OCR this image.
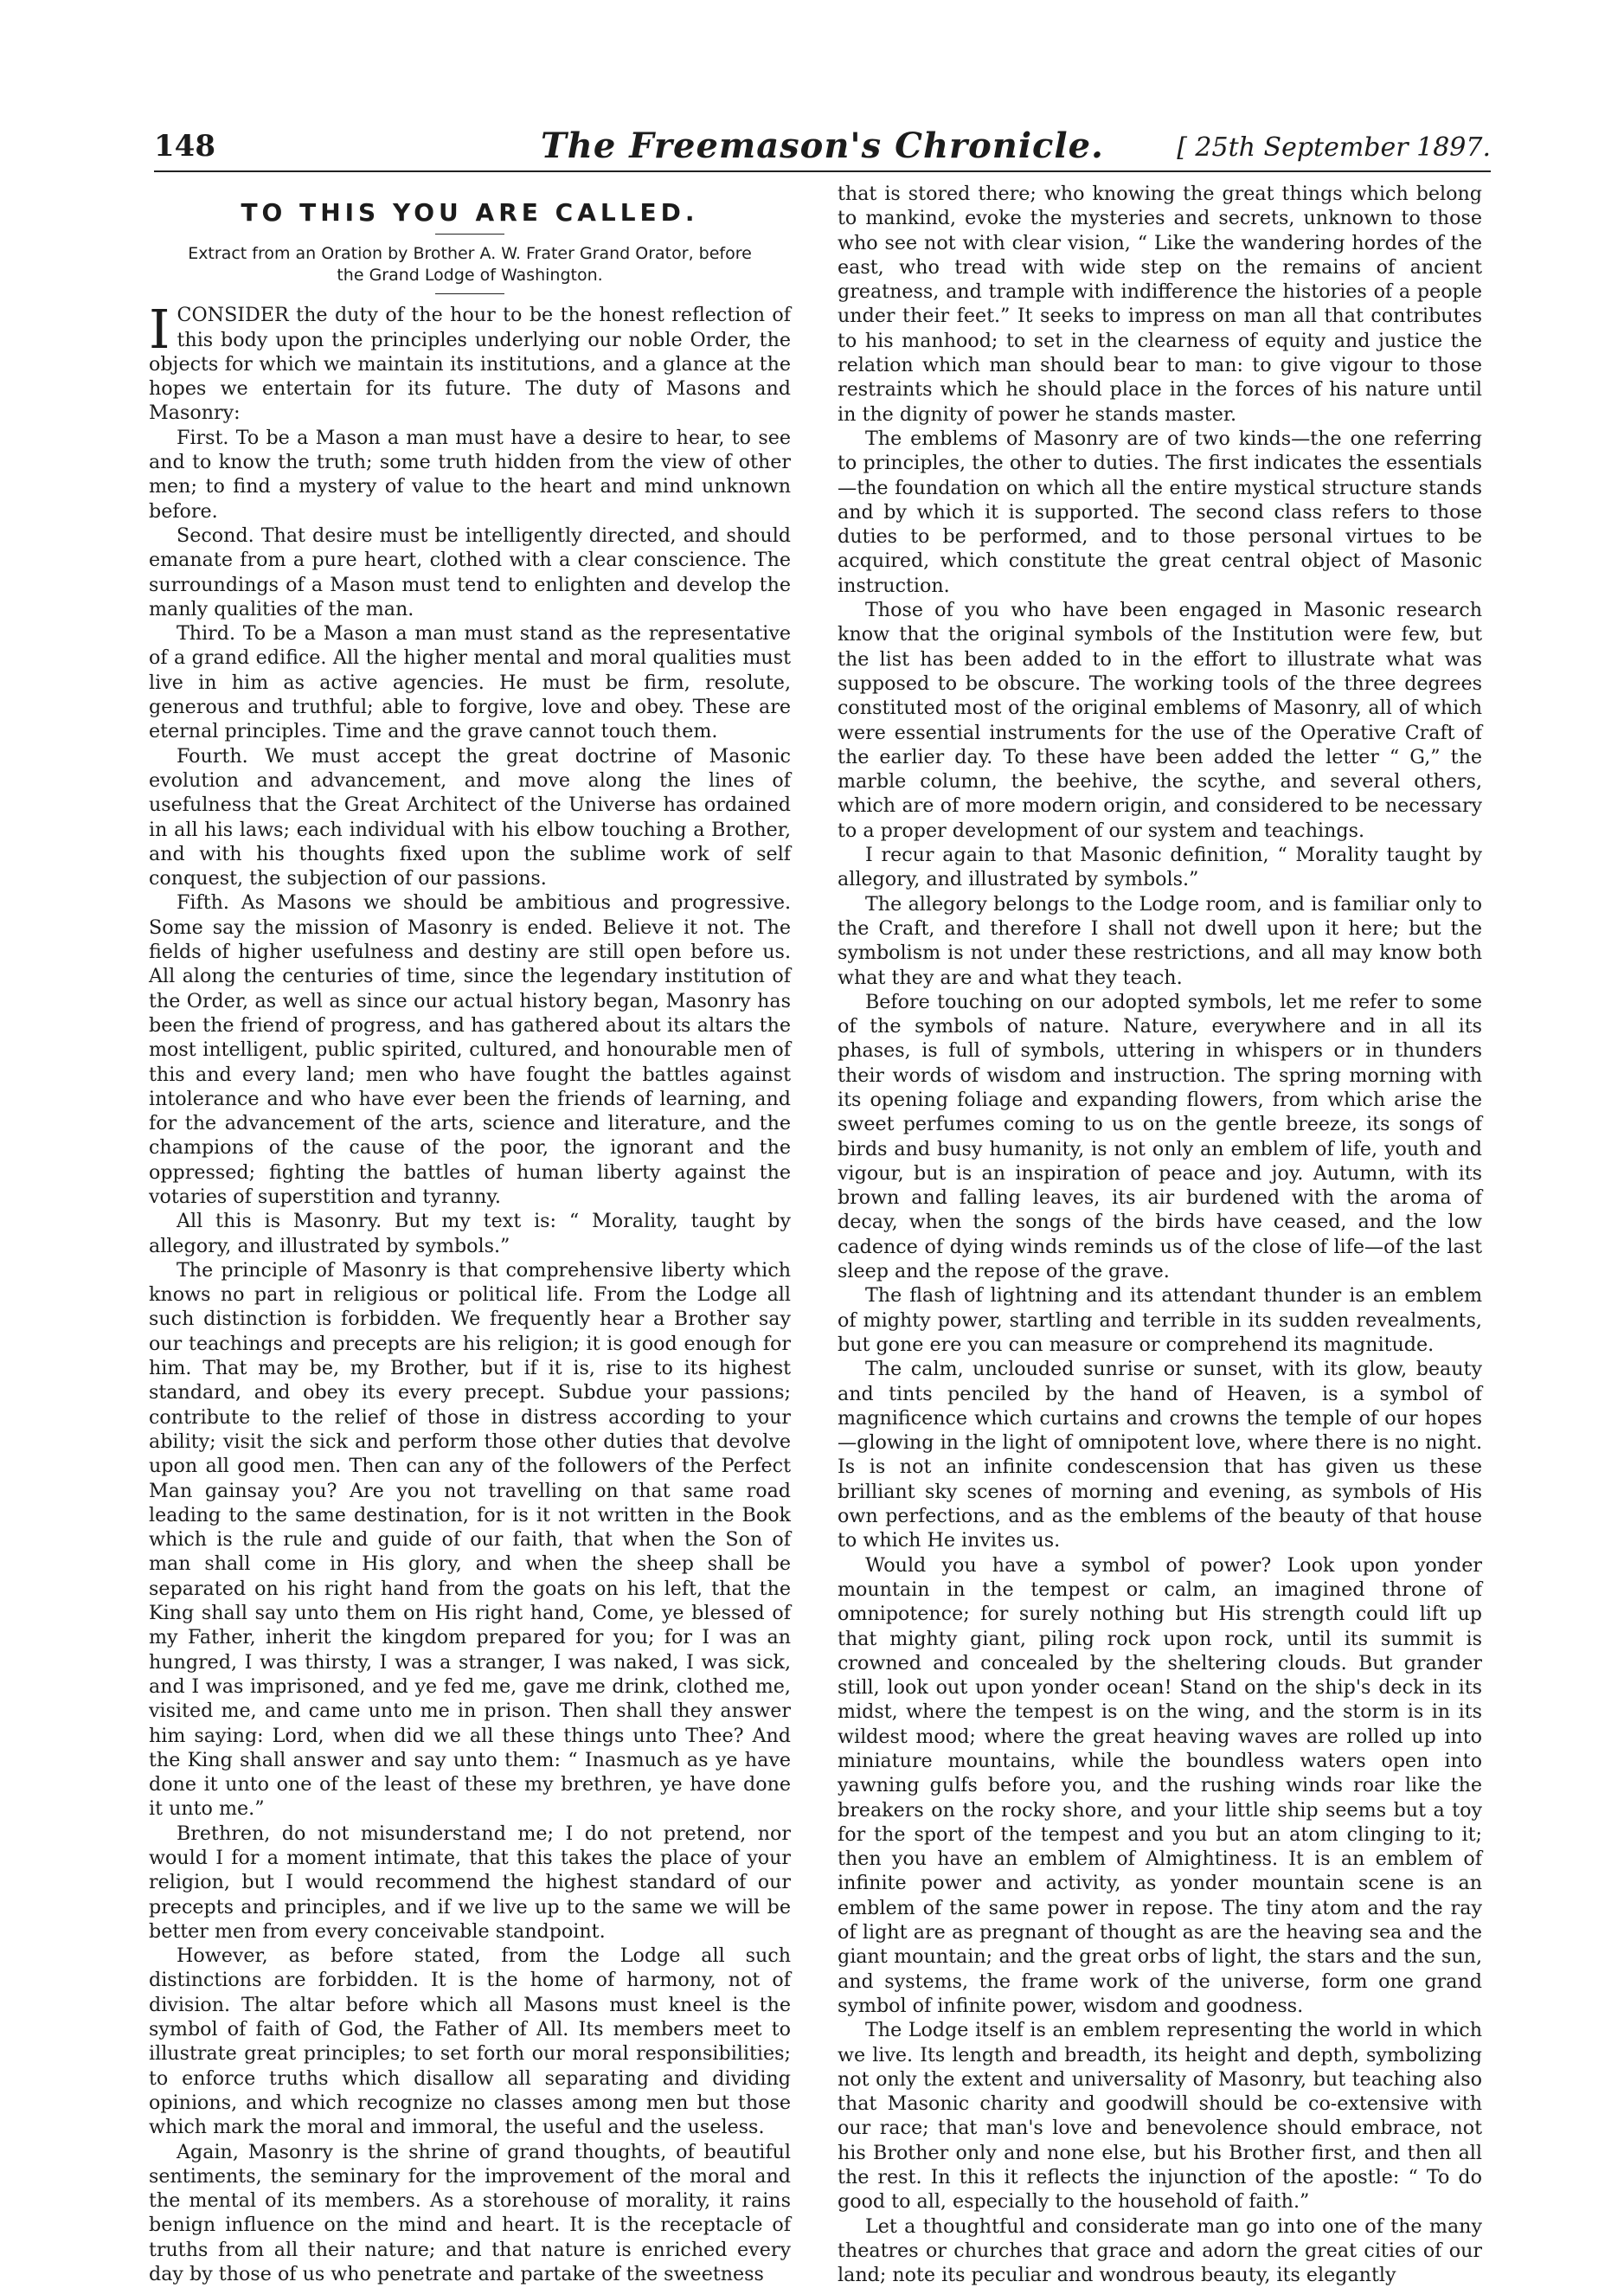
148	The Freemason's Chronicle.	[ 25th September 1897.
TO THIS YOU ARE CALLED.
Extract from an Oration by Brother A. W. Frater Grand Orator, before the Grand Lodge of Washington.

ICONSIDER the duty of the hour to be the honest reflection of this body upon the principles underlying our noble Order, the objects for which we maintain its institutions, and a glance at the hopes we entertain for its future. The duty of Masons and Masonry:

First. To be a Mason a man must have a desire to hear, to see and to know the truth; some truth hidden from the view of other men; to find a mystery of value to the heart and mind unknown before.

Second. That desire must be intelligently directed, and should emanate from a pure heart, clothed with a clear conscience. The surroundings of a Mason must tend to enlighten and develop the manly qualities of the man.

Third. To be a Mason a man must stand as the representative of a grand edifice. All the higher mental and moral qualities must live in him as active agencies. He must be firm, resolute, generous and truthful; able to forgive, love and obey. These are eternal principles. Time and the grave cannot touch them.

Fourth. We must accept the great doctrine of Masonic evolution and advancement, and move along the lines of usefulness that the Great Architect of the Universe has ordained in all his laws; each individual with his elbow touching a Brother, and with his thoughts fixed upon the sublime work of self conquest, the subjection of our passions.

Fifth. As Masons we should be ambitious and progressive. Some say the mission of Masonry is ended. Believe it not. The fields of higher usefulness and destiny are still open before us. All along the centuries of time, since the legendary institution of the Order, as well as since our actual history began, Masonry has been the friend of progress, and has gathered about its altars the most intelligent, public spirited, cultured, and honourable men of this and every land; men who have fought the battles against intolerance and who have ever been the friends of learning, and for the advancement of the arts, science and literature, and the champions of the cause of the poor, the ignorant and the oppressed; fighting the battles of human liberty against the votaries of superstition and tyranny.

All this is Masonry. But my text is: “ Morality, taught by allegory, and illustrated by symbols.”

The principle of Masonry is that comprehensive liberty which knows no part in religious or political life. From the Lodge all such distinction is forbidden. We frequently hear a Brother say our teachings and precepts are his religion; it is good enough for him. That may be, my Brother, but if it is, rise to its highest standard, and obey its every precept. Subdue your passions; contribute to the relief of those in distress according to your ability; visit the sick and perform those other duties that devolve upon all good men. Then can any of the followers of the Perfect Man gainsay you? Are you not travelling on that same road leading to the same destination, for is it not written in the Book which is the rule and guide of our faith, that when the Son of man shall come in His glory, and when the sheep shall be separated on his right hand from the goats on his left, that the King shall say unto them on His right hand, Come, ye blessed of my Father, inherit the kingdom prepared for you; for I was an hungred, I was thirsty, I was a stranger, I was naked, I was sick, and I was imprisoned, and ye fed me, gave me drink, clothed me, visited me, and came unto me in prison. Then shall they answer him saying: Lord, when did we all these things unto Thee? And the King shall answer and say unto them: “ Inasmuch as ye have done it unto one of the least of these my brethren, ye have done it unto me.”

Brethren, do not misunderstand me; I do not pretend, nor would I for a moment intimate, that this takes the place of your religion, but I would recommend the highest standard of our precepts and principles, and if we live up to the same we will be better men from every conceivable standpoint.

However, as before stated, from the Lodge all such distinctions are forbidden. It is the home of harmony, not of division. The altar before which all Masons must kneel is the symbol of faith of God, the Father of All. Its members meet to illustrate great principles; to set forth our moral responsibilities; to enforce truths which disallow all separating and dividing opinions, and which recognize no classes among men but those which mark the moral and immoral, the useful and the useless.

Again, Masonry is the shrine of grand thoughts, of beautiful sentiments, the seminary for the improvement of the moral and the mental of its members. As a storehouse of morality, it rains benign influence on the mind and heart. It is the receptacle of truths from all their nature; and that nature is enriched every day by those of us who penetrate and partake of the sweetness

that is stored there; who knowing the great things which belong to mankind, evoke the mysteries and secrets, unknown to those who see not with clear vision, “ Like the wandering hordes of the east, who tread with wide step on the remains of ancient greatness, and trample with indifference the histories of a people under their feet.” It seeks to impress on man all that contributes to his manhood; to set in the clearness of equity and justice the relation which man should bear to man: to give vigour to those restraints which he should place in the forces of his nature until in the dignity of power he stands master.

The emblems of Masonry are of two kinds—the one referring to principles, the other to duties. The first indicates the essentials—the foundation on which all the entire mystical structure stands and by which it is supported. The second class refers to those duties to be performed, and to those personal virtues to be acquired, which constitute the great central object of Masonic instruction.

Those of you who have been engaged in Masonic research know that the original symbols of the Institution were few, but the list has been added to in the effort to illustrate what was supposed to be obscure. The working tools of the three degrees constituted most of the original emblems of Masonry, all of which were essential instruments for the use of the Operative Craft of the earlier day. To these have been added the letter “ G,” the marble column, the beehive, the scythe, and several others, which are of more modern origin, and considered to be necessary to a proper development of our system and teachings.

I recur again to that Masonic definition, “ Morality taught by allegory, and illustrated by symbols.”

The allegory belongs to the Lodge room, and is familiar only to the Craft, and therefore I shall not dwell upon it here; but the symbolism is not under these restrictions, and all may know both what they are and what they teach.

Before touching on our adopted symbols, let me refer to some of the symbols of nature. Nature, everywhere and in all its phases, is full of symbols, uttering in whispers or in thunders their words of wisdom and instruction. The spring morning with its opening foliage and expanding flowers, from which arise the sweet perfumes coming to us on the gentle breeze, its songs of birds and busy humanity, is not only an emblem of life, youth and vigour, but is an inspiration of peace and joy. Autumn, with its brown and falling leaves, its air burdened with the aroma of decay, when the songs of the birds have ceased, and the low cadence of dying winds reminds us of the close of life—of the last sleep and the repose of the grave.

The flash of lightning and its attendant thunder is an emblem of mighty power, startling and terrible in its sudden revealments, but gone ere you can measure or comprehend its magnitude.

The calm, unclouded sunrise or sunset, with its glow, beauty and tints penciled by the hand of Heaven, is a symbol of magnificence which curtains and crowns the temple of our hopes—glowing in the light of omnipotent love, where there is no night. Is is not an infinite condescension that has given us these brilliant sky scenes of morning and evening, as symbols of His own perfections, and as the emblems of the beauty of that house to which He invites us.

Would you have a symbol of power? Look upon yonder mountain in the tempest or calm, an imagined throne of omnipotence; for surely nothing but His strength could lift up that mighty giant, piling rock upon rock, until its summit is crowned and concealed by the sheltering clouds. But grander still, look out upon yonder ocean! Stand on the ship's deck in its midst, where the tempest is on the wing, and the storm is in its wildest mood; where the great heaving waves are rolled up into miniature mountains, while the boundless waters open into yawning gulfs before you, and the rushing winds roar like the breakers on the rocky shore, and your little ship seems but a toy for the sport of the tempest and you but an atom clinging to it; then you have an emblem of Almightiness. It is an emblem of infinite power and activity, as yonder mountain scene is an emblem of the same power in repose. The tiny atom and the ray of light are as pregnant of thought as are the heaving sea and the giant mountain; and the great orbs of light, the stars and the sun, and systems, the frame work of the universe, form one grand symbol of infinite power, wisdom and goodness.

The Lodge itself is an emblem representing the world in which we live. Its length and breadth, its height and depth, symbolizing not only the extent and universality of Masonry, but teaching also that Masonic charity and goodwill should be co-extensive with our race; that man's love and benevolence should embrace, not his Brother only and none else, but his Brother first, and then all the rest. In this it reflects the injunction of the apostle: “ To do good to all, especially to the household of faith.”

Let a thoughtful and considerate man go into one of the many theatres or churches that grace and adorn the great cities of our land; note its peculiar and wondrous beauty, its elegantly
